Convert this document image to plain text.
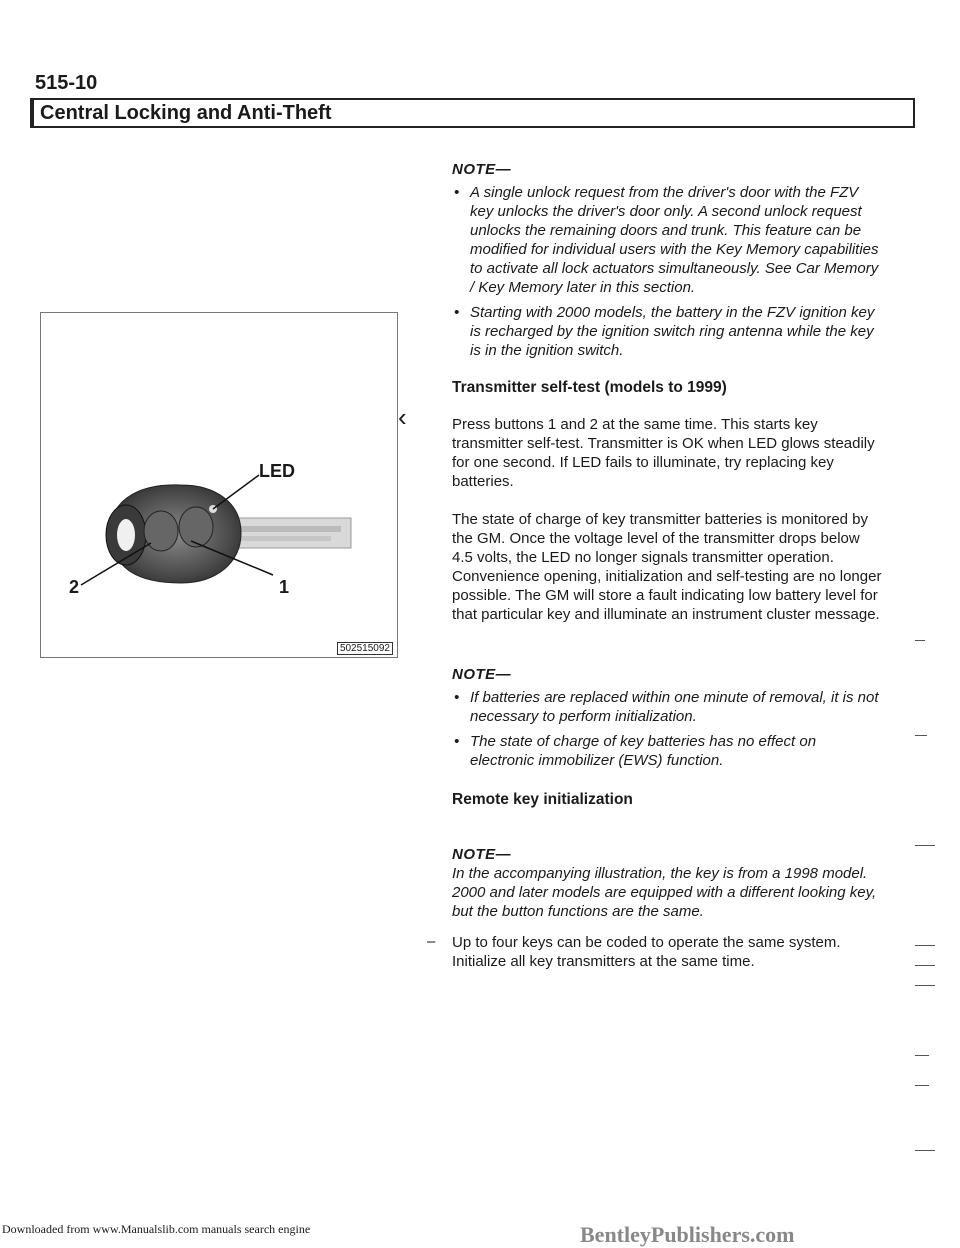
515-10
Central Locking and Anti-Theft
NOTE—
• A single unlock request from the driver's door with the FZV key unlocks the driver's door only. A second unlock request unlocks the remaining doors and trunk. This feature can be modified for individual users with the Key Memory capabilities to activate all lock actuators simultaneously. See Car Memory / Key Memory later in this section.
• Starting with 2000 models, the battery in the FZV ignition key is recharged by the ignition switch ring antenna while the key is in the ignition switch.
Transmitter self-test (models to 1999)
‹	Press buttons 1 and 2 at the same time. This starts key transmitter self-test. Transmitter is OK when LED glows steadily for one second. If LED fails to illuminate, try replacing key batteries.

The state of charge of key transmitter batteries is monitored by the GM. Once the voltage level of the transmitter drops below 4.5 volts, the LED no longer signals transmitter operation. Convenience opening, initialization and self-testing are no longer possible. The GM will store a fault indicating low battery level for that particular key and illuminate an instrument cluster message.

NOTE—
• If batteries are replaced within one minute of removal, it is not necessary to perform initialization.
• The state of charge of key batteries has no effect on electronic immobilizer (EWS) function.
Remote key initialization
NOTE—
In the accompanying illustration, the key is from a 1998 model. 2000 and later models are equipped with a different looking key, but the button functions are the same.
– Up to four keys can be coded to operate the same system. Initialize all key transmitters at the same time.
LED
1
2
502515092
Downloaded from www.Manualslib.com manuals search engine	BentleyPublishers.com
